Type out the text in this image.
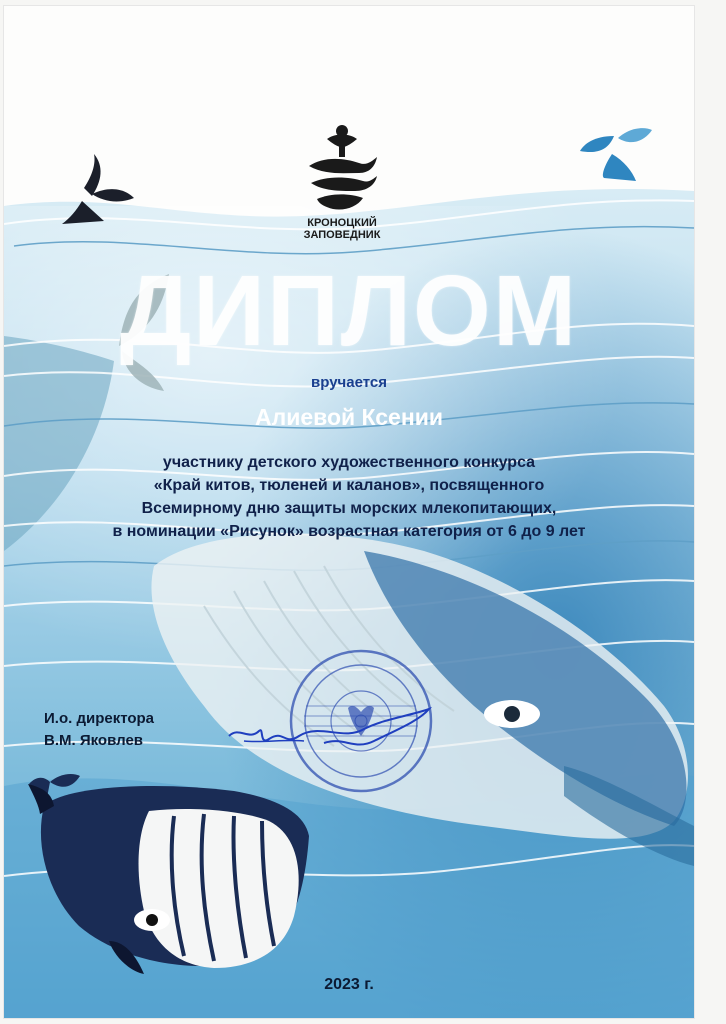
КРОНОЦКИЙ
ЗАПОВЕДНИК
ДИПЛОМ
вручается
Алиевой Ксении
участнику детского художественного конкурса
«Край китов, тюленей и каланов», посвященного
Всемирному дню защиты морских млекопитающих,
в номинации «Рисунок» возрастная категория от 6 до 9 лет
И.о. директора
В.М. Яковлев
2023 г.
